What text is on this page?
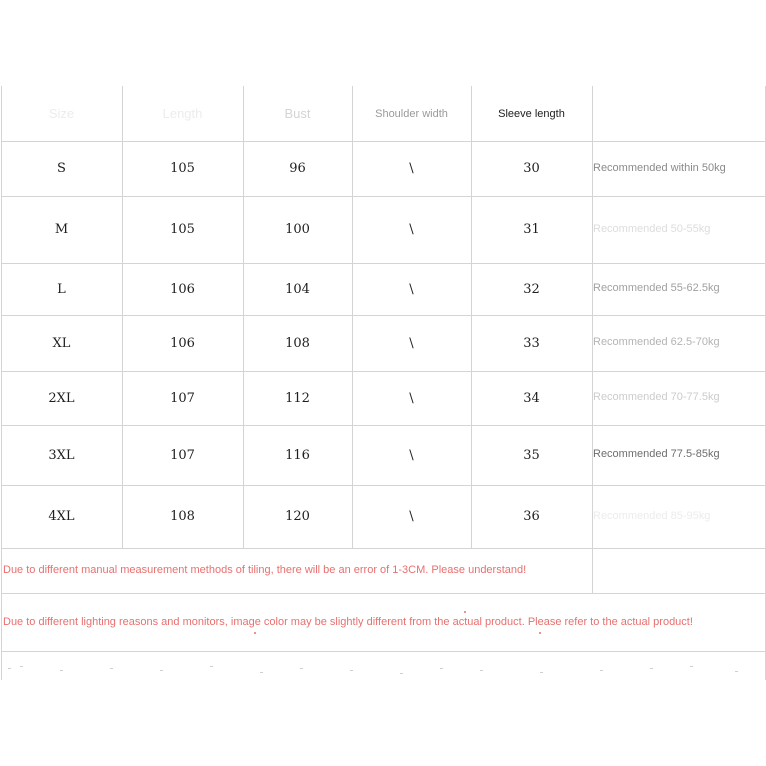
Size	Length	Bust	Shoulder width	Sleeve length
S	105	96	\	30	Recommended within 50kg
M	105	100	\	31	Recommended 50-55kg
L	106	104	\	32	Recommended 55-62.5kg
XL	106	108	\	33	Recommended 62.5-70kg
2XL	107	112	\	34	Recommended 70-77.5kg
3XL	107	116	\	35	Recommended 77.5-85kg
4XL	108	120	\	36	Recommended 85-95kg
Due to different manual measurement methods of tiling, there will be an error of 1-3CM. Please understand!
Due to different lighting reasons and monitors, image color may be slightly different from the actual product. Please refer to the actual product!
